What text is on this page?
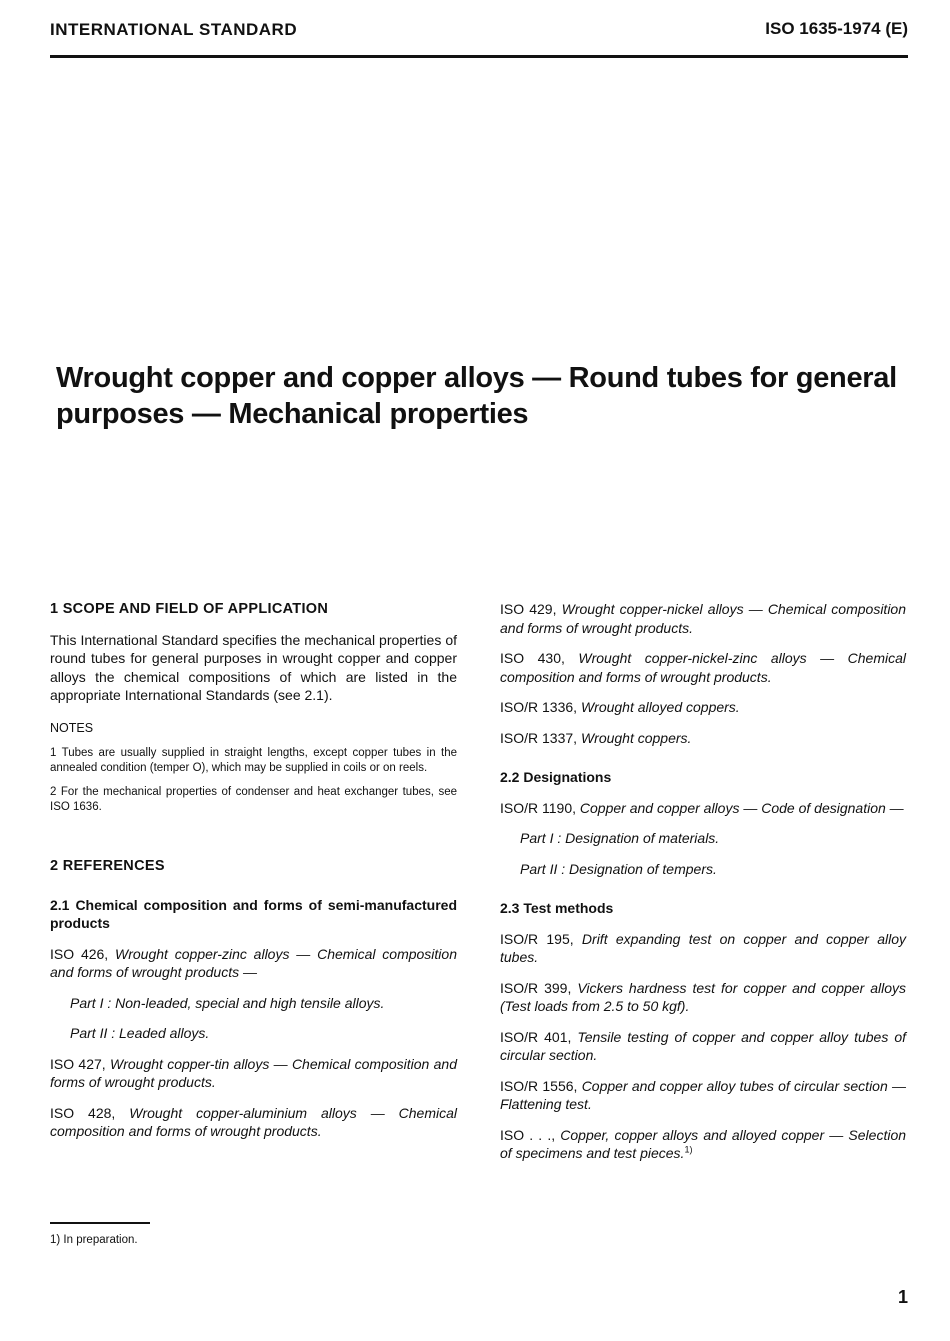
INTERNATIONAL STANDARD	ISO 1635-1974 (E)
Wrought copper and copper alloys — Round tubes for general purposes — Mechanical properties

1 SCOPE AND FIELD OF APPLICATION

This International Standard specifies the mechanical properties of round tubes for general purposes in wrought copper and copper alloys the chemical compositions of which are listed in the appropriate International Standards (see 2.1).

NOTES

1 Tubes are usually supplied in straight lengths, except copper tubes in the annealed condition (temper O), which may be supplied in coils or on reels.

2 For the mechanical properties of condenser and heat exchanger tubes, see ISO 1636.

2 REFERENCES

2.1 Chemical composition and forms of semi-manufactured products

ISO 426, Wrought copper-zinc alloys — Chemical composition and forms of wrought products —

Part I : Non-leaded, special and high tensile alloys.

Part II : Leaded alloys.

ISO 427, Wrought copper-tin alloys — Chemical composition and forms of wrought products.

ISO 428, Wrought copper-aluminium alloys — Chemical composition and forms of wrought products.

ISO 429, Wrought copper-nickel alloys — Chemical composition and forms of wrought products.

ISO 430, Wrought copper-nickel-zinc alloys — Chemical composition and forms of wrought products.

ISO/R 1336, Wrought alloyed coppers.

ISO/R 1337, Wrought coppers.

2.2 Designations

ISO/R 1190, Copper and copper alloys — Code of designation —

Part I : Designation of materials.

Part II : Designation of tempers.

2.3 Test methods

ISO/R 195, Drift expanding test on copper and copper alloy tubes.

ISO/R 399, Vickers hardness test for copper and copper alloys (Test loads from 2.5 to 50 kgf).

ISO/R 401, Tensile testing of copper and copper alloy tubes of circular section.

ISO/R 1556, Copper and copper alloy tubes of circular section — Flattening test.

ISO . . ., Copper, copper alloys and alloyed copper — Selection of specimens and test pieces.$^{1)}$

1) In preparation.
1
